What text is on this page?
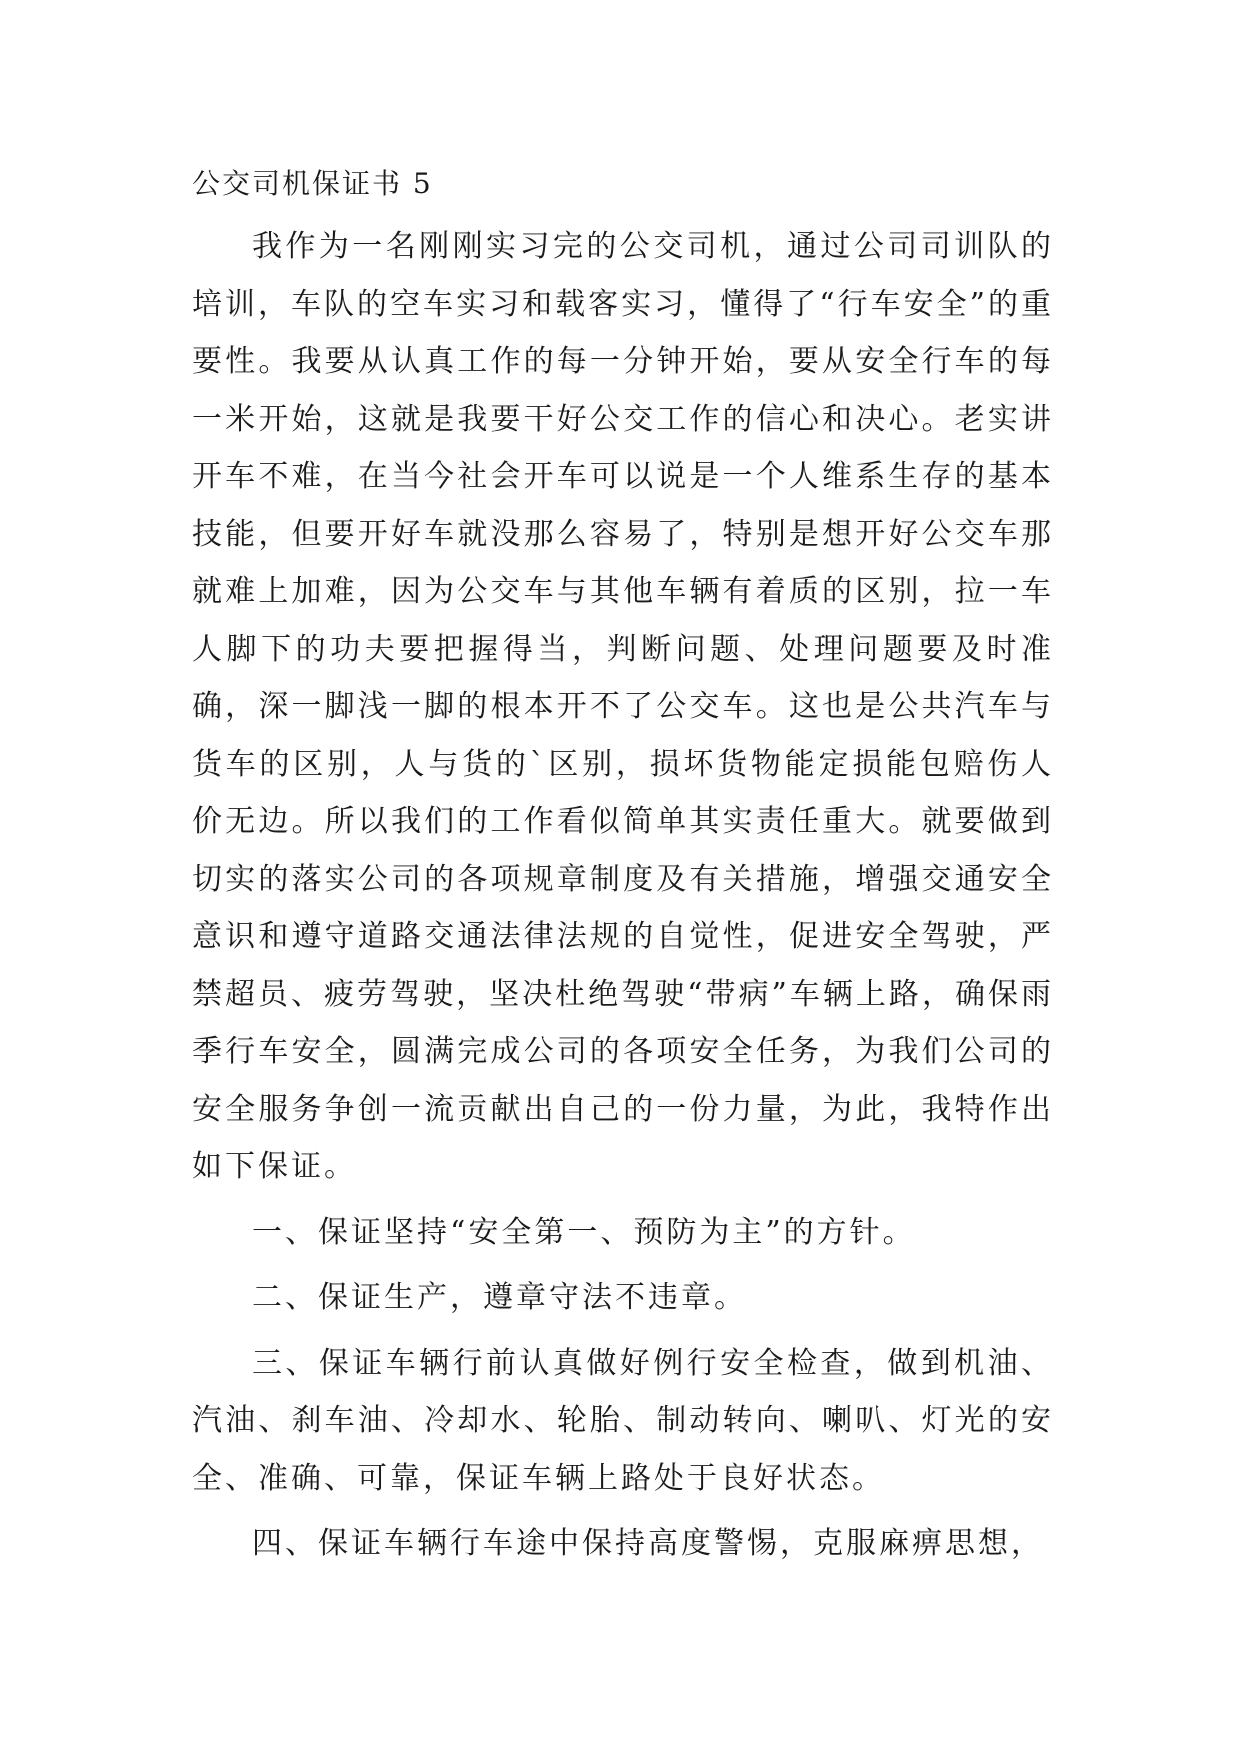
公交司机保证书 5

我作为一名刚刚实习完的公交司机，通过公司司训队的培训，车队的空车实习和载客实习，懂得了“行车安全”的重要性。我要从认真工作的每一分钟开始，要从安全行车的每一米开始，这就是我要干好公交工作的信心和决心。老实讲开车不难，在当今社会开车可以说是一个人维系生存的基本技能，但要开好车就没那么容易了，特别是想开好公交车那就难上加难，因为公交车与其他车辆有着质的区别，拉一车人脚下的功夫要把握得当，判断问题、处理问题要及时准确，深一脚浅一脚的根本开不了公交车。这也是公共汽车与货车的区别，人与货的`区别，损坏货物能定损能包赔伤人价无边。所以我们的工作看似简单其实责任重大。就要做到切实的落实公司的各项规章制度及有关措施，增强交通安全意识和遵守道路交通法律法规的自觉性，促进安全驾驶，严禁超员、疲劳驾驶，坚决杜绝驾驶“带病”车辆上路，确保雨季行车安全，圆满完成公司的各项安全任务，为我们公司的安全服务争创一流贡献出自己的一份力量，为此，我特作出如下保证。

一、保证坚持“安全第一、预防为主”的方针。

二、保证生产，遵章守法不违章。

三、保证车辆行前认真做好例行安全检查，做到机油、汽油、刹车油、冷却水、轮胎、制动转向、喇叭、灯光的安全、准确、可靠，保证车辆上路处于良好状态。

四、保证车辆行车途中保持高度警惕，克服麻痹思想，
